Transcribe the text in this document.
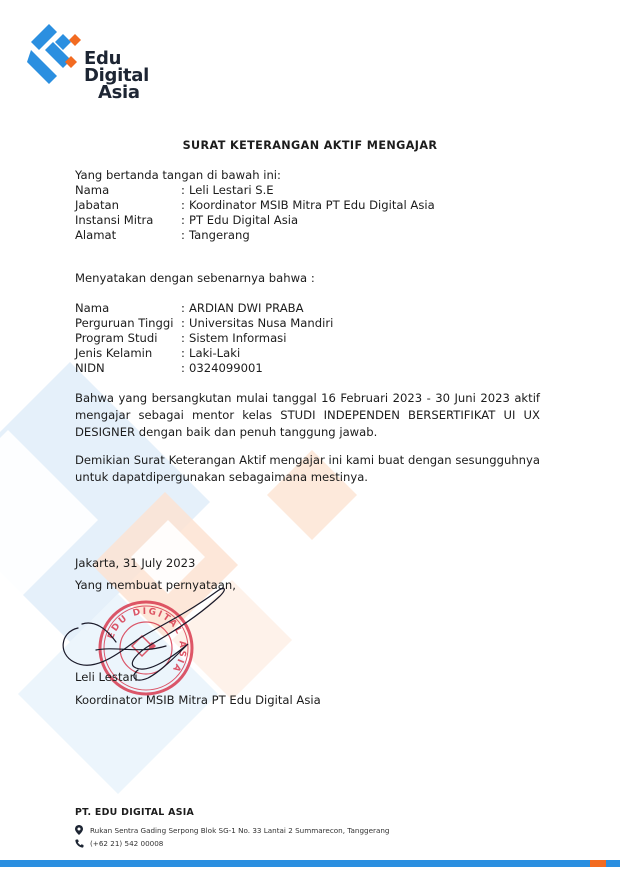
Edu
Digital
Asia
SURAT KETERANGAN AKTIF MENGAJAR
Yang bertanda tangan di bawah ini:
Nama	: Leli Lestari S.E
Jabatan	: Koordinator MSIB Mitra PT Edu Digital Asia
Instansi Mitra	: PT Edu Digital Asia
Alamat	: Tangerang
Menyatakan dengan sebenarnya bahwa :
Nama	: ARDIAN DWI PRABA
Perguruan Tinggi : Universitas Nusa Mandiri
Program Studi	: Sistem Informasi
Jenis Kelamin	: Laki-Laki
NIDN	: 0324099001
Bahwa yang bersangkutan mulai tanggal 16 Februari 2023 - 30 Juni 2023 aktif mengajar sebagai mentor kelas STUDI INDEPENDEN BERSERTIFIKAT UI UX DESIGNER dengan baik dan penuh tanggung jawab.
Demikian Surat Keterangan Aktif mengajar ini kami buat dengan sesungguhnya untuk dapatdipergunakan sebagaimana mestinya.
Jakarta, 31 July 2023
Yang membuat pernyataan,
EDU DIGITAL ASIA
Leli Lestari
Koordinator MSIB Mitra PT Edu Digital Asia
PT. EDU DIGITAL ASIA
Rukan Sentra Gading Serpong Blok SG-1 No. 33 Lantai 2 Summarecon, Tanggerang
(+62 21) 542 00008
